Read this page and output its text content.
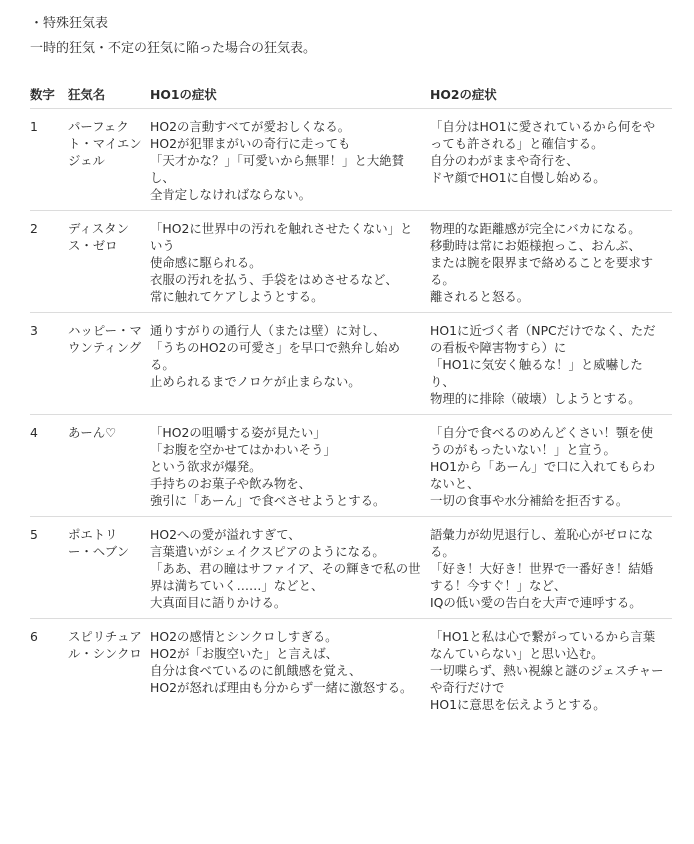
・特殊狂気表

一時的狂気・不定の狂気に陥った場合の狂気表。

数字	狂気名	HO1の症状	HO2の症状
1	パーフェクト・マイエンジェル	HO2の言動すべてが愛おしくなる。
HO2が犯罪まがいの奇行に走っても
「天才かな？」「可愛いから無罪！」と大絶賛し、
全肯定しなければならない。	「自分はHO1に愛されているから何をやっても許される」と確信する。
自分のわがままや奇行を、
ドヤ顔でHO1に自慢し始める。
2	ディスタンス・ゼロ	「HO2に世界中の汚れを触れさせたくない」という
使命感に駆られる。
衣服の汚れを払う、手袋をはめさせるなど、
常に触れてケアしようとする。	物理的な距離感が完全にバカになる。
移動時は常にお姫様抱っこ、おんぶ、
または腕を限界まで絡めることを要求する。
離されると怒る。
3	ハッピー・マウンティング	通りすがりの通行人（または壁）に対し、
「うちのHO2の可愛さ」を早口で熱弁し始める。
止められるまでノロケが止まらない。	HO1に近づく者（NPCだけでなく、ただの看板や障害物すら）に
「HO1に気安く触るな！」と威嚇したり、
物理的に排除（破壊）しようとする。
4	あーん♡	「HO2の咀嚼する姿が見たい」
「お腹を空かせてはかわいそう」
という欲求が爆発。
手持ちのお菓子や飲み物を、
強引に「あーん」で食べさせようとする。	「自分で食べるのめんどくさい！顎を使うのがもったいない！」と宣う。
HO1から「あーん」で口に入れてもらわないと、
一切の食事や水分補給を拒否する。
5	ポエトリー・ヘブン	HO2への愛が溢れすぎて、
言葉遣いがシェイクスピアのようになる。
「ああ、君の瞳はサファイア、その輝きで私の世界は満ちていく……」などと、
大真面目に語りかける。	語彙力が幼児退行し、羞恥心がゼロになる。
「好き！大好き！世界で一番好き！結婚する！今すぐ！」など、
IQの低い愛の告白を大声で連呼する。
6	スピリチュアル・シンクロ	HO2の感情とシンクロしすぎる。
HO2が「お腹空いた」と言えば、
自分は食べているのに飢餓感を覚え、
HO2が怒れば理由も分からず一緒に激怒する。	「HO1と私は心で繋がっているから言葉なんていらない」と思い込む。
一切喋らず、熱い視線と謎のジェスチャーや奇行だけで
HO1に意思を伝えようとする。
